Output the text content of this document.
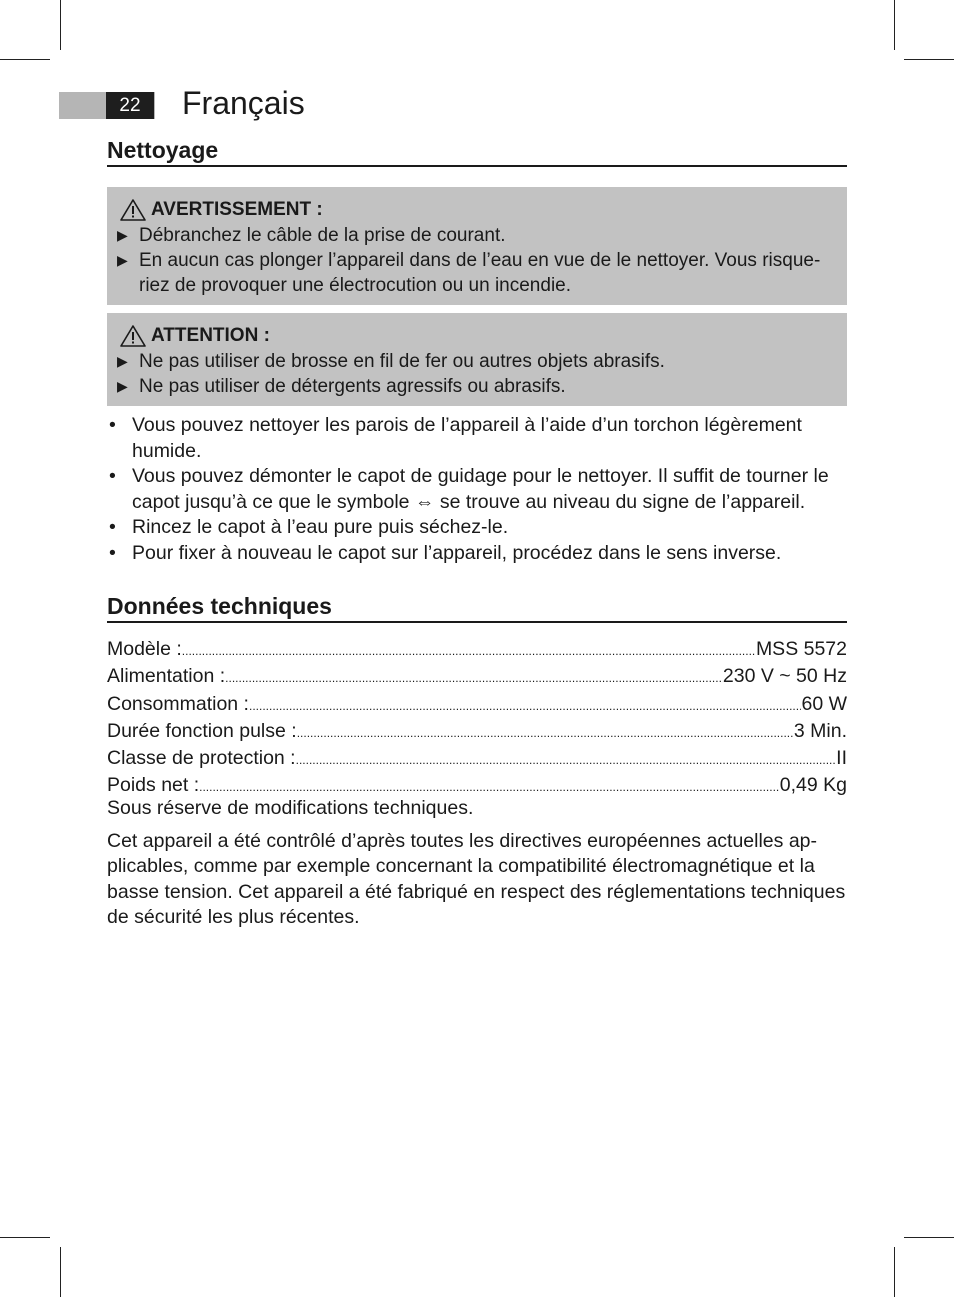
22	Français
Nettoyage
AVERTISSEMENT :
▶ Débranchez le câble de la prise de courant.
▶ En aucun cas plonger l’appareil dans de l’eau en vue de le nettoyer. Vous risque-riez de provoquer une électrocution ou un incendie.
ATTENTION :
▶ Ne pas utiliser de brosse en fil de fer ou autres objets abrasifs.
▶ Ne pas utiliser de détergents agressifs ou abrasifs.
• Vous pouvez nettoyer les parois de l’appareil à l’aide d’un torchon légèrement humide.
• Vous pouvez démonter le capot de guidage pour le nettoyer. Il suffit de tourner le capot jusqu’à ce que le symbole ⇔ se trouve au niveau du signe de l’appareil.
• Rincez le capot à l’eau pure puis séchez-le.
• Pour fixer à nouveau le capot sur l’appareil, procédez dans le sens inverse.
Données techniques
Modèle : .....	MSS 5572
Alimentation : .....	230 V ~ 50 Hz
Consommation : .....	60 W
Durée fonction pulse : .....	3 Min.
Classe de protection : .....	II
Poids net : .....	0,49 Kg
Sous réserve de modifications techniques.
Cet appareil a été contrôlé d’après toutes les directives européennes actuelles ap-plicables, comme par exemple concernant la compatibilité électromagnétique et la basse tension. Cet appareil a été fabriqué en respect des réglementations techniques de sécurité les plus récentes.
